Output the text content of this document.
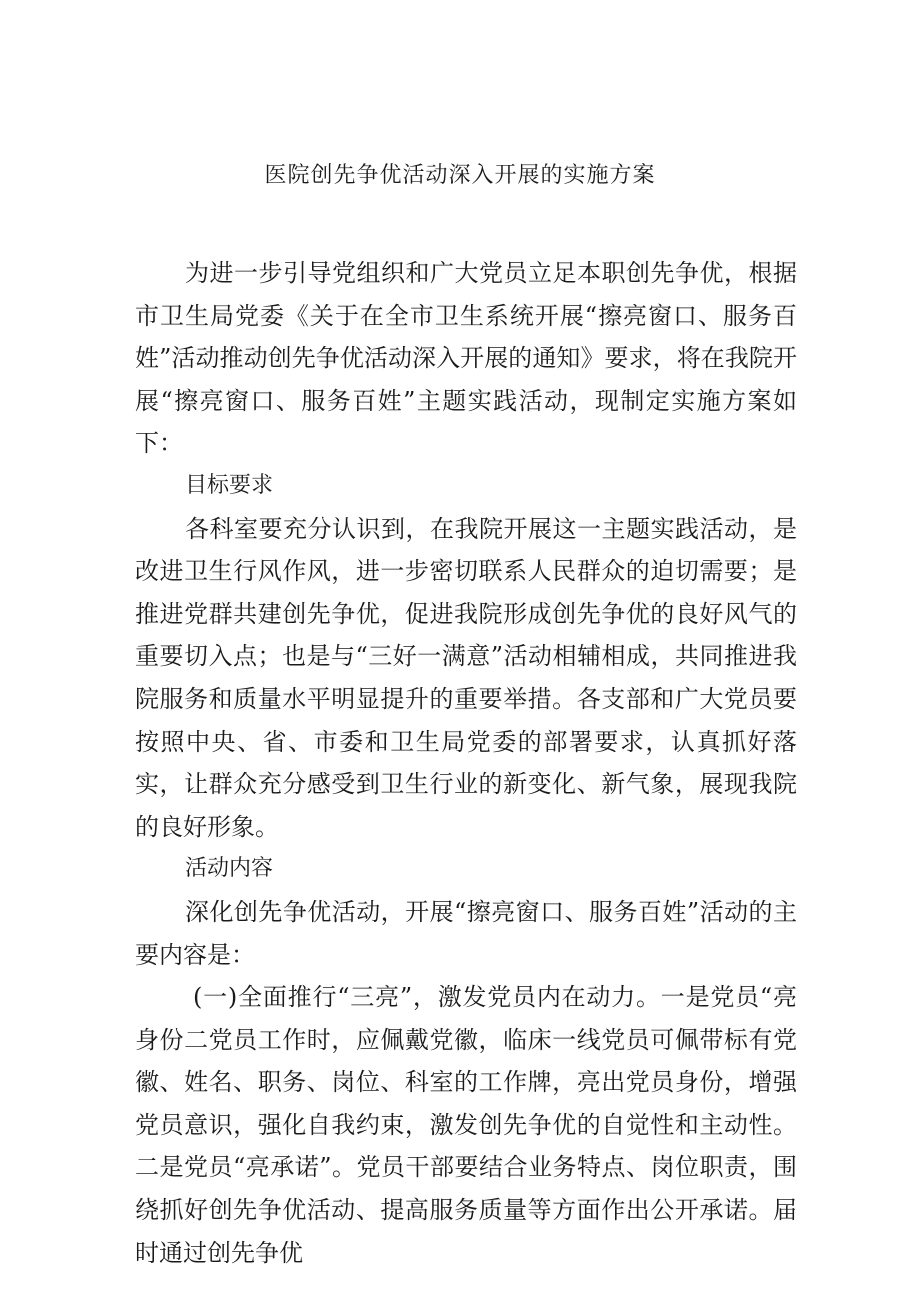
医院创先争优活动深入开展的实施方案

为进一步引导党组织和广大党员立足本职创先争优，根据市卫生局党委《关于在全市卫生系统开展“擦亮窗口、服务百姓”活动推动创先争优活动深入开展的通知》要求，将在我院开展“擦亮窗口、服务百姓”主题实践活动，现制定实施方案如下：

目标要求

各科室要充分认识到，在我院开展这一主题实践活动，是改进卫生行风作风，进一步密切联系人民群众的迫切需要；是推进党群共建创先争优，促进我院形成创先争优的良好风气的重要切入点；也是与“三好一满意”活动相辅相成，共同推进我院服务和质量水平明显提升的重要举措。各支部和广大党员要按照中央、省、市委和卫生局党委的部署要求，认真抓好落实，让群众充分感受到卫生行业的新变化、新气象，展现我院的良好形象。

活动内容

深化创先争优活动，开展“擦亮窗口、服务百姓”活动的主要内容是：

(一)全面推行“三亮”，激发党员内在动力。一是党员“亮身份二党员工作时，应佩戴党徽，临床一线党员可佩带标有党徽、姓名、职务、岗位、科室的工作牌，亮出党员身份，增强党员意识，强化自我约束，激发创先争优的自觉性和主动性。二是党员“亮承诺”。党员干部要结合业务特点、岗位职责，围绕抓好创先争优活动、提高服务质量等方面作出公开承诺。届时通过创先争优
